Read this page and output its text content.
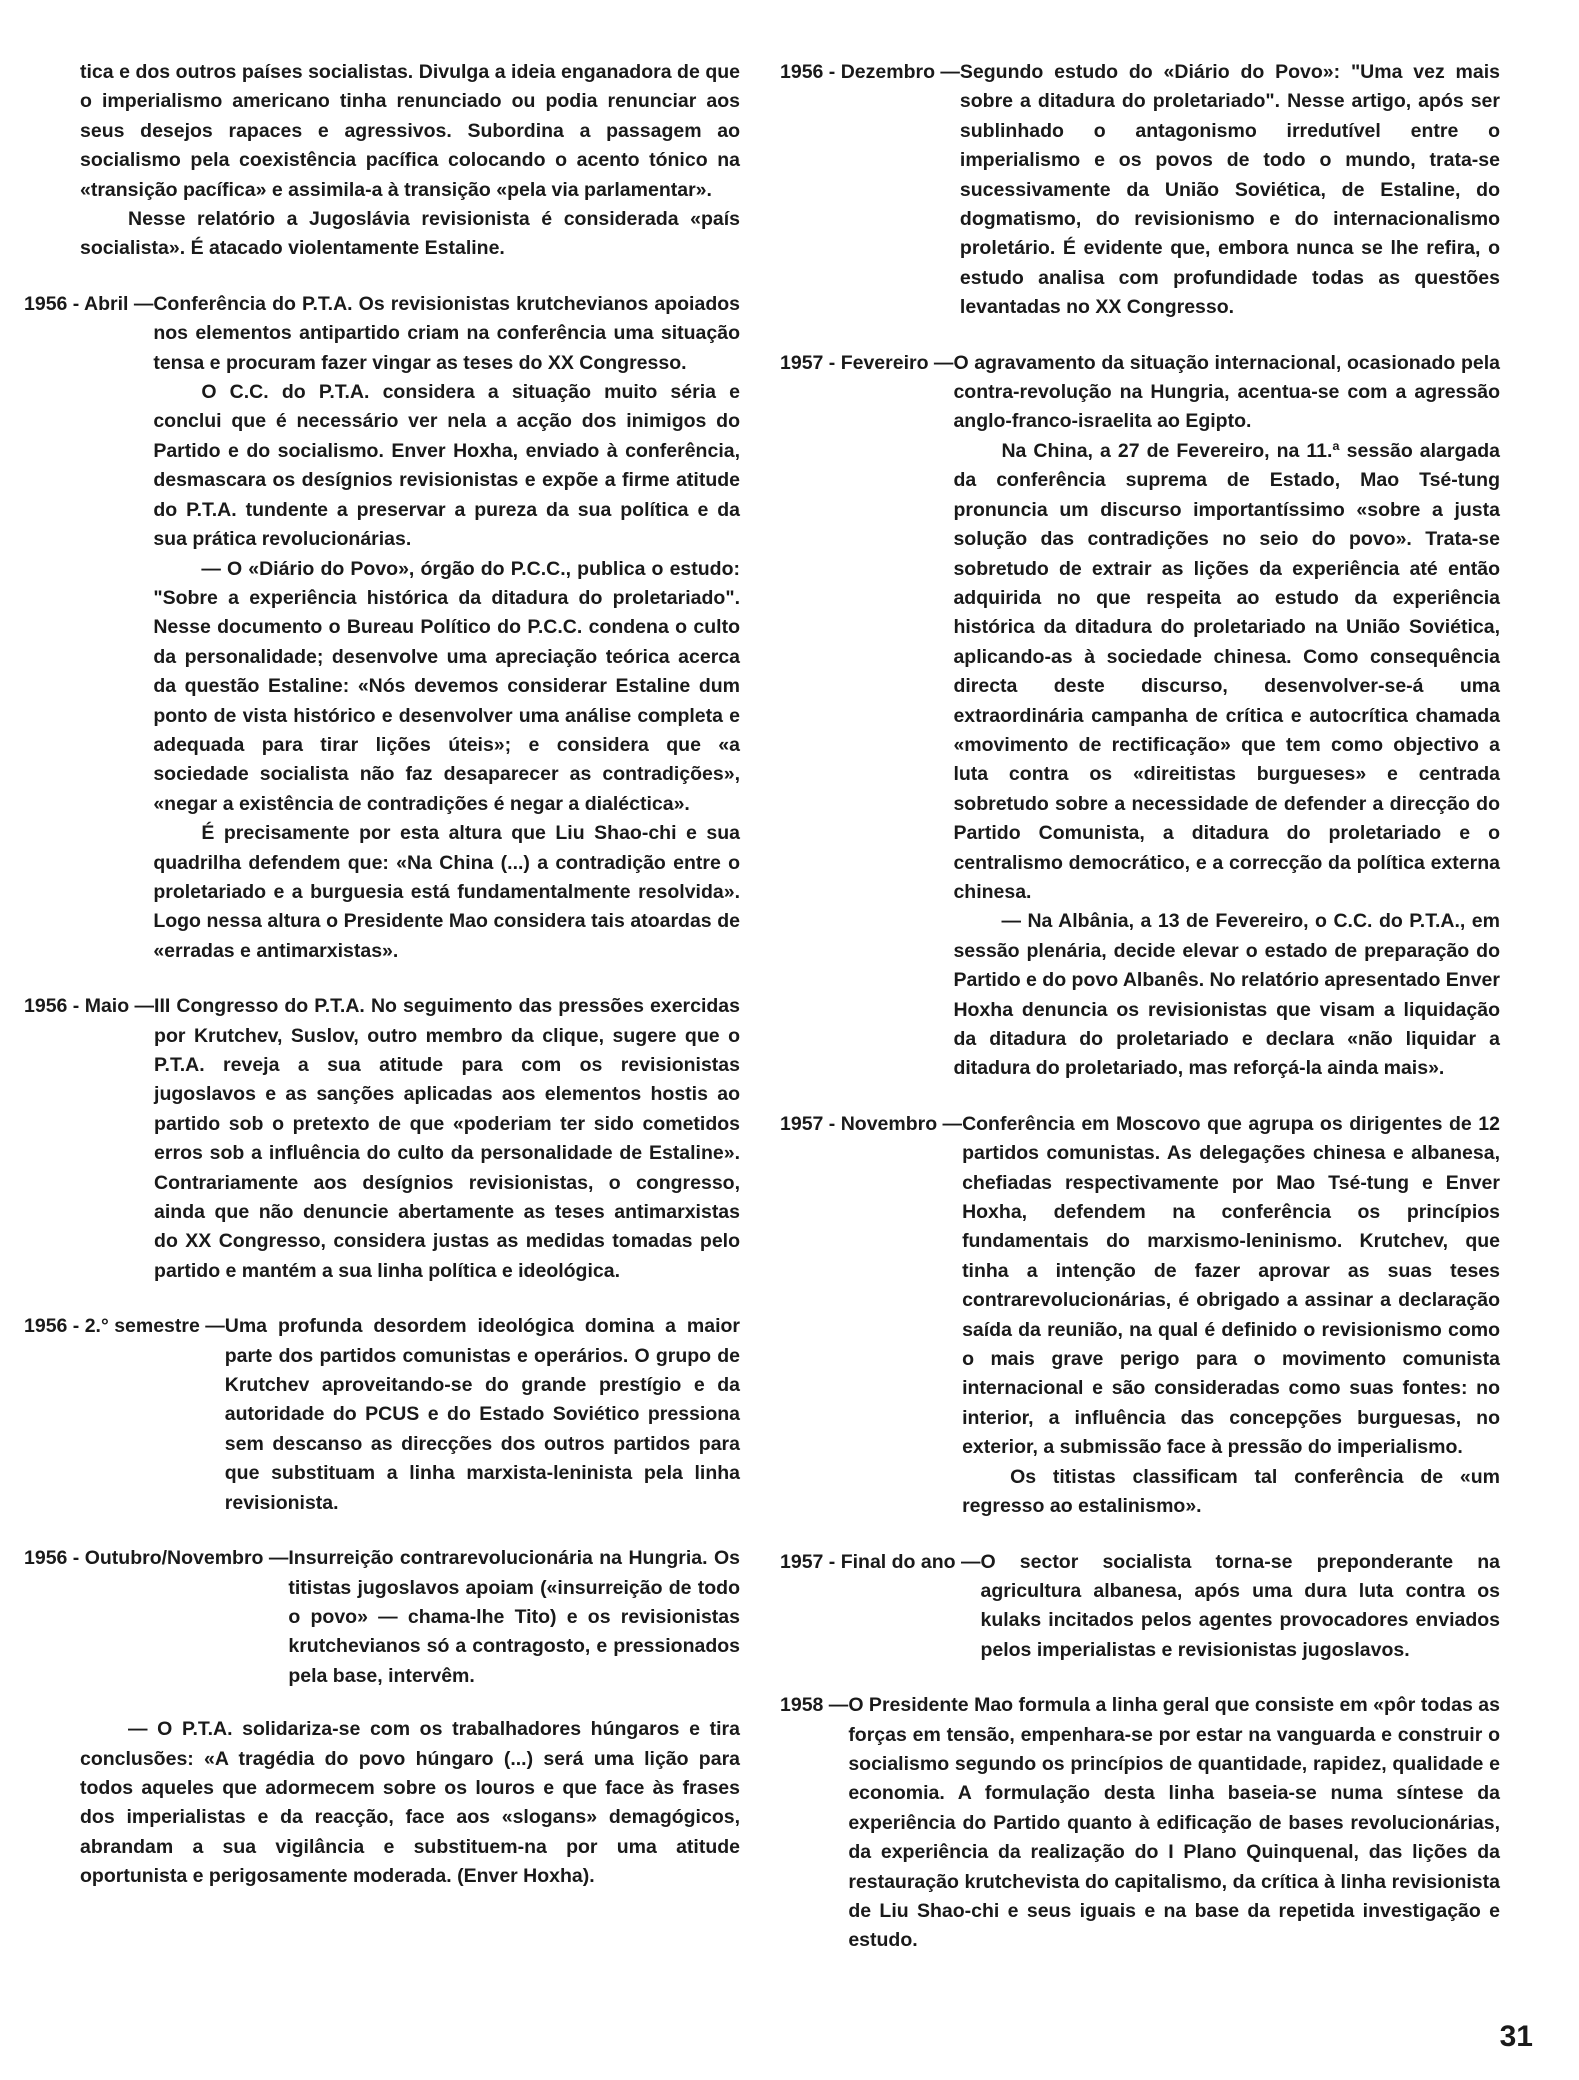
tica e dos outros países socialistas. Divulga a ideia enganadora de que o imperialismo americano tinha renunciado ou podia renunciar aos seus desejos rapaces e agressivos. Subordina a passagem ao socialismo pela coexistência pacífica colocando o acento tónico na «transição pacífica» e assimila-a à transição «pela via parlamentar».

Nesse relatório a Jugoslávia revisionista é considerada «país socialista». É atacado violentamente Estaline.

1956 - Abril — Conferência do P.T.A. Os revisionistas krutchevianos apoiados nos elementos antipartido criam na conferência uma situação tensa e procuram fazer vingar as teses do XX Congresso.

O C.C. do P.T.A. considera a situação muito séria e conclui que é necessário ver nela a acção dos inimigos do Partido e do socialismo. Enver Hoxha, enviado à conferência, desmascara os desígnios revisionistas e expõe a firme atitude do P.T.A. tundente a preservar a pureza da sua política e da sua prática revolucionárias.

— O «Diário do Povo», órgão do P.C.C., publica o estudo: "Sobre a experiência histórica da ditadura do proletariado". Nesse documento o Bureau Político do P.C.C. condena o culto da personalidade; desenvolve uma apreciação teórica acerca da questão Estaline: «Nós devemos considerar Estaline dum ponto de vista histórico e desenvolver uma análise completa e adequada para tirar lições úteis»; e considera que «a sociedade socialista não faz desaparecer as contradições», «negar a existência de contradições é negar a dialéctica».

É precisamente por esta altura que Liu Shao-chi e sua quadrilha defendem que: «Na China (...) a contradição entre o proletariado e a burguesia está fundamentalmente resolvida». Logo nessa altura o Presidente Mao considera tais atoardas de «erradas e antimarxistas».

1956 - Maio — III Congresso do P.T.A. No seguimento das pressões exercidas por Krutchev, Suslov, outro membro da clique, sugere que o P.T.A. reveja a sua atitude para com os revisionistas jugoslavos e as sanções aplicadas aos elementos hostis ao partido sob o pretexto de que «poderiam ter sido cometidos erros sob a influência do culto da personalidade de Estaline». Contrariamente aos desígnios revisionistas, o congresso, ainda que não denuncie abertamente as teses antimarxistas do XX Congresso, considera justas as medidas tomadas pelo partido e mantém a sua linha política e ideológica.

1956 - 2.° semestre — Uma profunda desordem ideológica domina a maior parte dos partidos comunistas e operários. O grupo de Krutchev aproveitando-se do grande prestígio e da autoridade do PCUS e do Estado Soviético pressiona sem descanso as direcções dos outros partidos para que substituam a linha marxista-leninista pela linha revisionista.

1956 - Outubro/Novembro — Insurreição contrarevolucionária na Hungria. Os titistas jugoslavos apoiam («insurreição de todo o povo» — chama-lhe Tito) e os revisionistas krutchevianos só a contragosto, e pressionados pela base, intervêm.

— O P.T.A. solidariza-se com os trabalhadores húngaros e tira conclusões: «A tragédia do povo húngaro (...) será uma lição para todos aqueles que adormecem sobre os louros e que face às frases dos imperialistas e da reacção, face aos «slogans» demagógicos, abrandam a sua vigilância e substituem-na por uma atitude oportunista e perigosamente moderada. (Enver Hoxha).

1956 - Dezembro — Segundo estudo do «Diário do Povo»: "Uma vez mais sobre a ditadura do proletariado". Nesse artigo, após ser sublinhado o antagonismo irredutível entre o imperialismo e os povos de todo o mundo, trata-se sucessivamente da União Soviética, de Estaline, do dogmatismo, do revisionismo e do internacionalismo proletário. É evidente que, embora nunca se lhe refira, o estudo analisa com profundidade todas as questões levantadas no XX Congresso.

1957 - Fevereiro — O agravamento da situação internacional, ocasionado pela contra-revolução na Hungria, acentua-se com a agressão anglo-franco-israelita ao Egipto.

Na China, a 27 de Fevereiro, na 11.ª sessão alargada da conferência suprema de Estado, Mao Tsé-tung pronuncia um discurso importantíssimo «sobre a justa solução das contradições no seio do povo». Trata-se sobretudo de extrair as lições da experiência até então adquirida no que respeita ao estudo da experiência histórica da ditadura do proletariado na União Soviética, aplicando-as à sociedade chinesa. Como consequência directa deste discurso, desenvolver-se-á uma extraordinária campanha de crítica e autocrítica chamada «movimento de rectificação» que tem como objectivo a luta contra os «direitistas burgueses» e centrada sobretudo sobre a necessidade de defender a direcção do Partido Comunista, a ditadura do proletariado e o centralismo democrático, e a correcção da política externa chinesa.

— Na Albânia, a 13 de Fevereiro, o C.C. do P.T.A., em sessão plenária, decide elevar o estado de preparação do Partido e do povo Albanês. No relatório apresentado Enver Hoxha denuncia os revisionistas que visam a liquidação da ditadura do proletariado e declara «não liquidar a ditadura do proletariado, mas reforçá-la ainda mais».

1957 - Novembro — Conferência em Moscovo que agrupa os dirigentes de 12 partidos comunistas. As delegações chinesa e albanesa, chefiadas respectivamente por Mao Tsé-tung e Enver Hoxha, defendem na conferência os princípios fundamentais do marxismo-leninismo. Krutchev, que tinha a intenção de fazer aprovar as suas teses contrarevolucionárias, é obrigado a assinar a declaração saída da reunião, na qual é definido o revisionismo como o mais grave perigo para o movimento comunista internacional e são consideradas como suas fontes: no interior, a influência das concepções burguesas, no exterior, a submissão face à pressão do imperialismo.

Os titistas classificam tal conferência de «um regresso ao estalinismo».

1957 - Final do ano — O sector socialista torna-se preponderante na agricultura albanesa, após uma dura luta contra os kulaks incitados pelos agentes provocadores enviados pelos imperialistas e revisionistas jugoslavos.

1958 — O Presidente Mao formula a linha geral que consiste em «pôr todas as forças em tensão, empenhara-se por estar na vanguarda e construir o socialismo segundo os princípios de quantidade, rapidez, qualidade e economia. A formulação desta linha baseia-se numa síntese da experiência do Partido quanto à edificação de bases revolucionárias, da experiência da realização do I Plano Quinquenal, das lições da restauração krutchevista do capitalismo, da crítica à linha revisionista de Liu Shao-chi e seus iguais e na base da repetida investigação e estudo.

31
